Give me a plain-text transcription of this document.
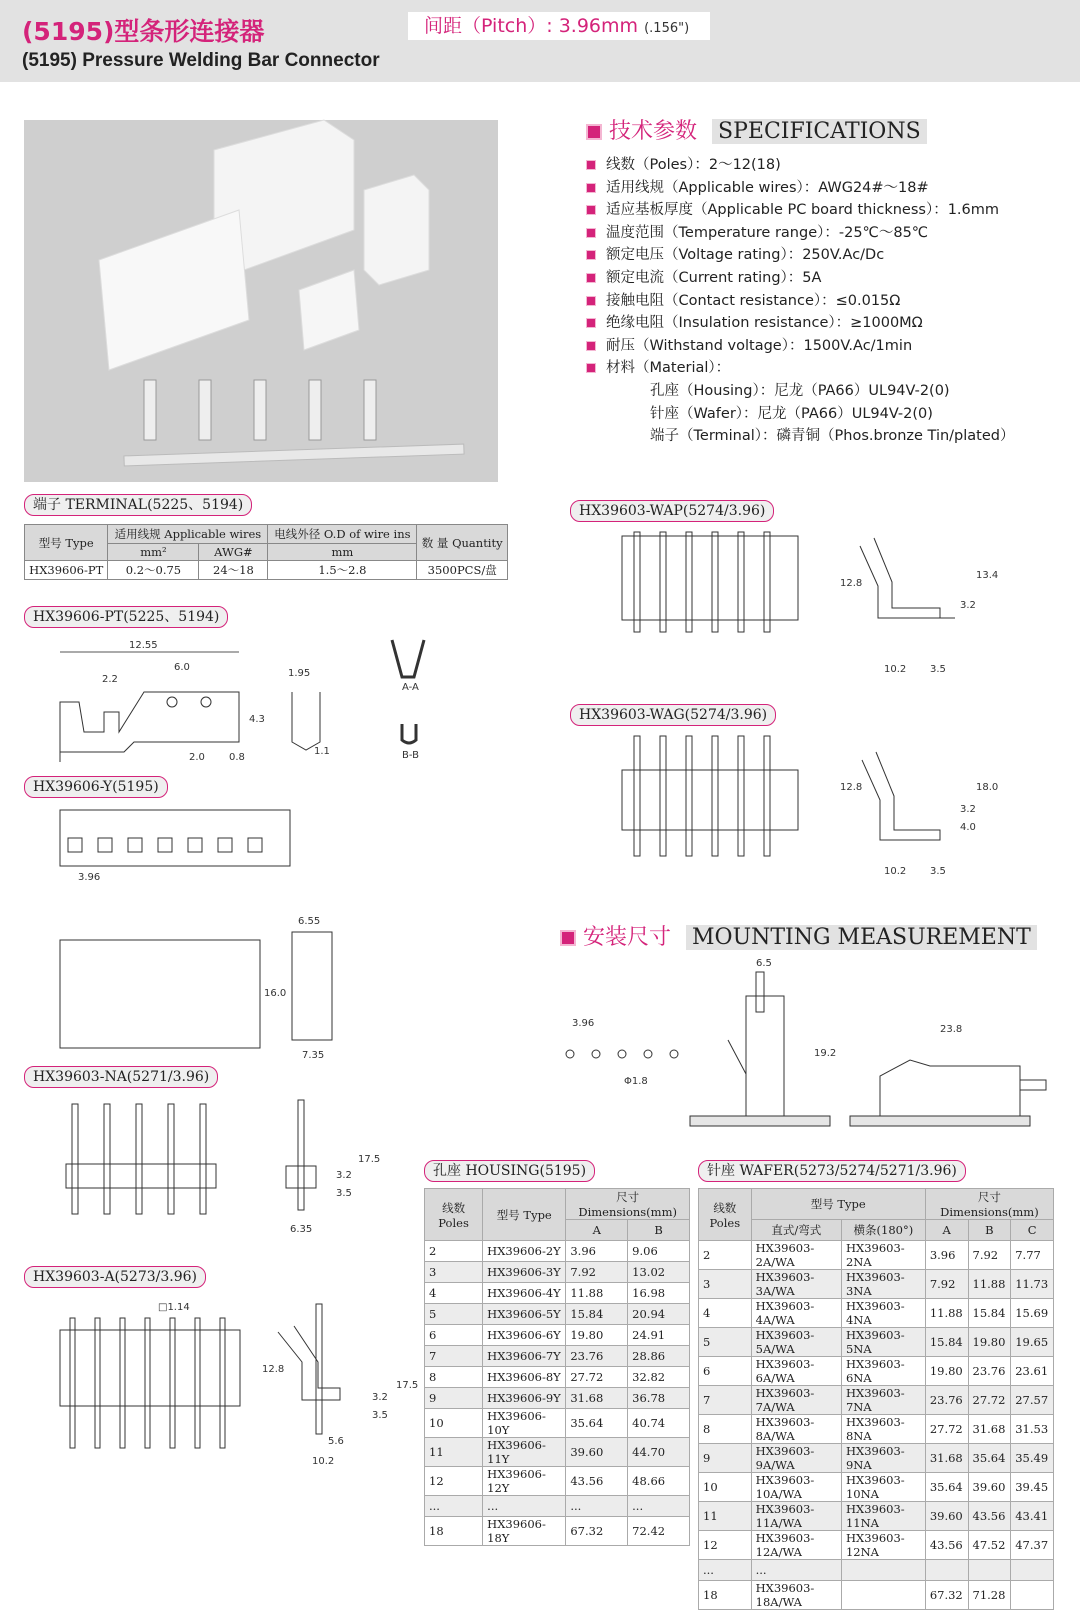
(5195)型条形连接器
(5195) Pressure Welding Bar Connector
间距（Pitch）: 3.96mm (.156")
技术参数 SPECIFICATIONS
线数（Poles）：2～12(18)
适用线规（Applicable wires）：AWG24#～18#
适应基板厚度（Applicable PC board thickness）：1.6mm
温度范围（Temperature range）：-25℃～85℃
额定电压（Voltage rating）：250V.Ac/Dc
额定电流（Current rating）：5A
接触电阻（Contact resistance）：≤0.015Ω
绝缘电阻（Insulation resistance）：≥1000MΩ
耐压（Withstand voltage）：1500V.Ac/1min
材料（Material）：
孔座（Housing）：尼龙（PA66）UL94V-2(0)
针座（Wafer）：尼龙（PA66）UL94V-2(0)
端子（Terminal）：磷青铜（Phos.bronze Tin/plated）
端子 TERMINAL(5225、5194)
型号 Type	适用线规 Applicable wires		电线外径 O.D of wire ins	数 量 Quantity
	mm²	AWG#	mm	
HX39606-PT	0.2～0.75	24～18	1.5～2.8	3500PCS/盘
HX39606-PT(5225、5194)
12.55
6.0
2.2
4.3
2.0 0.8
1.95
1.1
A-A
B-B
HX39606-Y(5195)
3.96
6.55
16.0
7.35
HX39603-NA(5271/3.96)
17.5
3.2
3.5
6.35
HX39603-A(5273/3.96)
□1.14
12.8
17.5
3.2
3.5
5.6
10.2
HX39603-WAP(5274/3.96)
12.8
13.4
3.2
10.2 3.5
HX39603-WAG(5274/3.96)
12.8	18.0
3.2
4.0
10.2 3.5
安装尺寸 MOUNTING MEASUREMENT
3.96
Φ1.8
6.5
19.2
23.8
孔座 HOUSING(5195)
线数 Poles	型号 Type	尺寸Dimensions(mm)	
		A	B
2	HX39606-2Y	3.96	9.06
3	HX39606-3Y	7.92	13.02
4	HX39606-4Y	11.88	16.98
5	HX39606-5Y	15.84	20.94
6	HX39606-6Y	19.80	24.91
7	HX39606-7Y	23.76	28.86
8	HX39606-8Y	27.72	32.82
9	HX39606-9Y	31.68	36.78
10	HX39606-10Y	35.64	40.74
11	HX39606-11Y	39.60	44.70
12	HX39606-12Y	43.56	48.66
...	...	...	...
18	HX39606-18Y	67.32	72.42
针座 WAFER(5273/5274/5271/3.96)
线数 Poles	型号 Type		尺寸Dimensions(mm)		
	直式/弯式	横条(180°)	A	B	C
2	HX39603-2A/WA	HX39603-2NA	3.96	7.92	7.77
3	HX39603-3A/WA	HX39603-3NA	7.92	11.88	11.73
4	HX39603-4A/WA	HX39603-4NA	11.88	15.84	15.69
5	HX39603-5A/WA	HX39603-5NA	15.84	19.80	19.65
6	HX39603-6A/WA	HX39603-6NA	19.80	23.76	23.61
7	HX39603-7A/WA	HX39603-7NA	23.76	27.72	27.57
8	HX39603-8A/WA	HX39603-8NA	27.72	31.68	31.53
9	HX39603-9A/WA	HX39603-9NA	31.68	35.64	35.49
10	HX39603-10A/WA	HX39603-10NA	35.64	39.60	39.45
11	HX39603-11A/WA	HX39603-11NA	39.60	43.56	43.41
12	HX39603-12A/WA	HX39603-12NA	43.56	47.52	47.37
...	...				
18	HX39603-18A/WA		67.32	71.28	
